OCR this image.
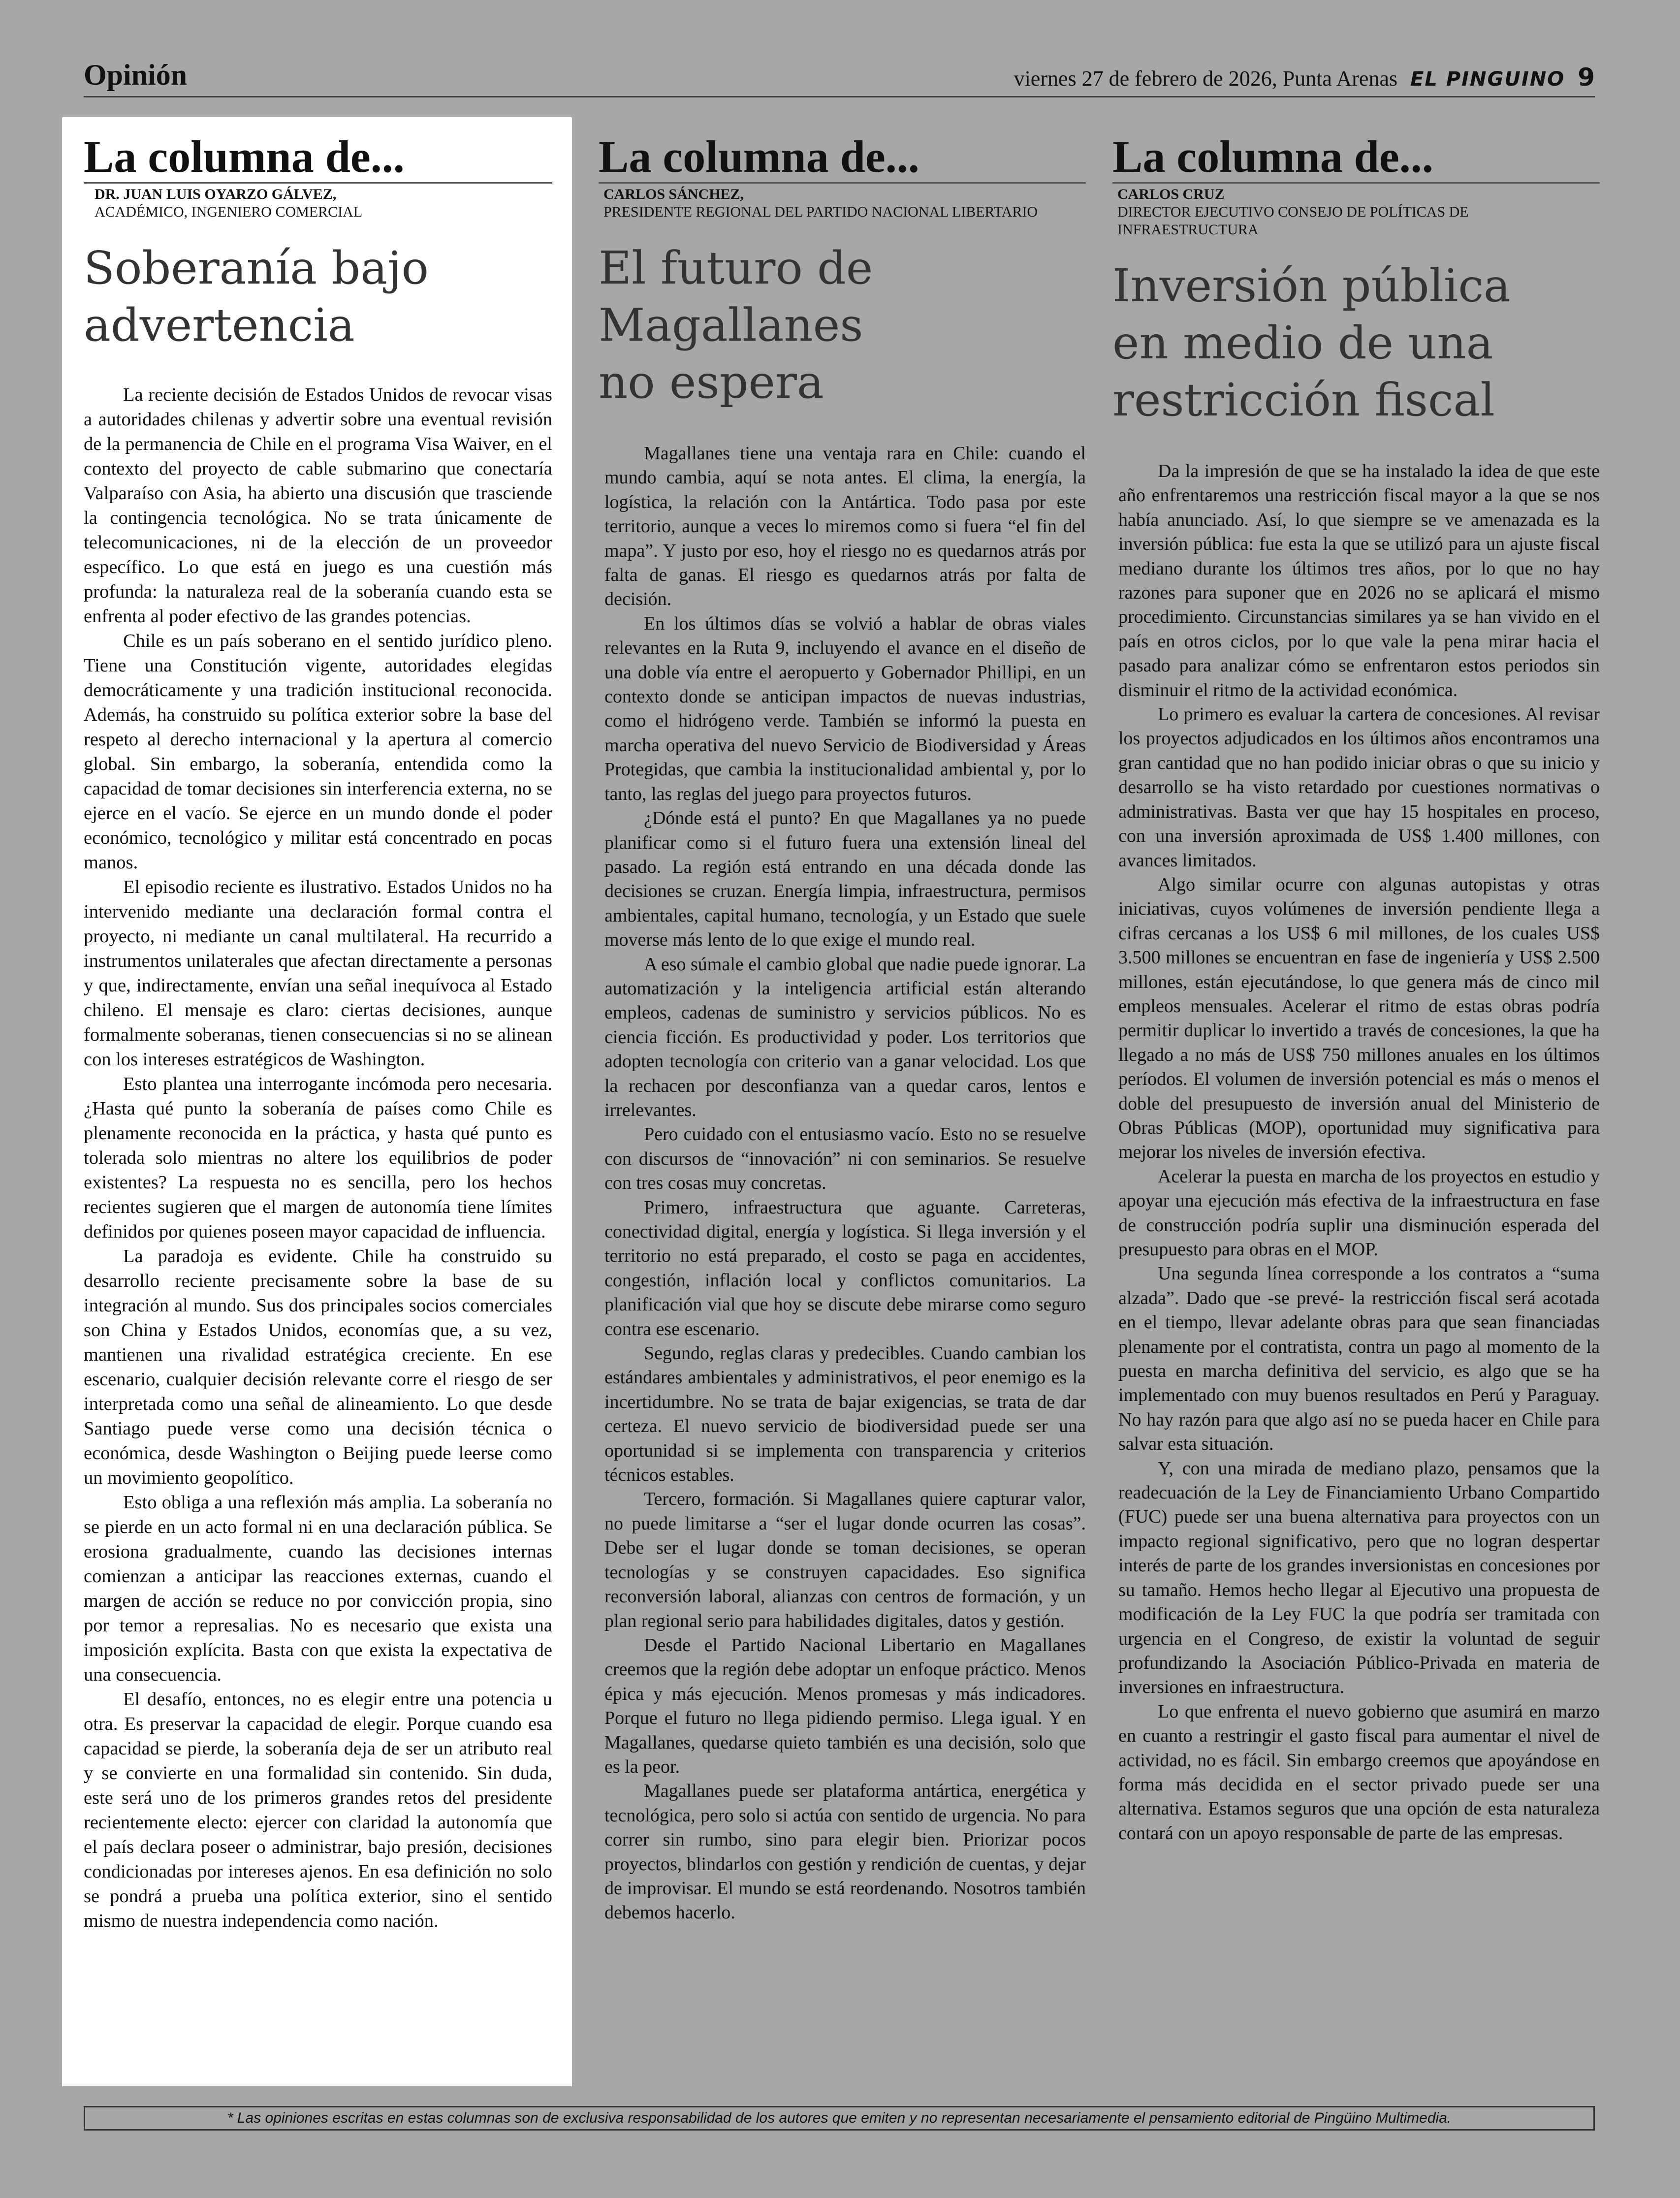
Opinión	viernes 27 de febrero de 2026, Punta Arenas EL PINGUINO 9
La columna de...
DR. JUAN LUIS OYARZO GÁLVEZ,
ACADÉMICO, INGENIERO COMERCIAL
Soberanía bajo
advertencia

La reciente decisión de Estados Unidos de revocar visas a autoridades chilenas y advertir sobre una eventual revisión de la permanencia de Chile en el programa Visa Waiver, en el contexto del proyecto de cable submarino que conectaría Valparaíso con Asia, ha abierto una discusión que trasciende la contingencia tecnológica. No se trata únicamente de telecomunicaciones, ni de la elección de un proveedor específico. Lo que está en juego es una cuestión más profunda: la naturaleza real de la soberanía cuando esta se enfrenta al poder efectivo de las grandes potencias.

Chile es un país soberano en el sentido jurídico pleno. Tiene una Constitución vigente, autoridades elegidas democráticamente y una tradición institucional reconocida. Además, ha construido su política exterior sobre la base del respeto al derecho internacional y la apertura al comercio global. Sin embargo, la soberanía, entendida como la capacidad de tomar decisiones sin interferencia externa, no se ejerce en el vacío. Se ejerce en un mundo donde el poder económico, tecnológico y militar está concentrado en pocas manos.

El episodio reciente es ilustrativo. Estados Unidos no ha intervenido mediante una declaración formal contra el proyecto, ni mediante un canal multilateral. Ha recurrido a instrumentos unilaterales que afectan directamente a personas y que, indirectamente, envían una señal inequívoca al Estado chileno. El mensaje es claro: ciertas decisiones, aunque formalmente soberanas, tienen consecuencias si no se alinean con los intereses estratégicos de Washington.

Esto plantea una interrogante incómoda pero necesaria. ¿Hasta qué punto la soberanía de países como Chile es plenamente reconocida en la práctica, y hasta qué punto es tolerada solo mientras no altere los equilibrios de poder existentes? La respuesta no es sencilla, pero los hechos recientes sugieren que el margen de autonomía tiene límites definidos por quienes poseen mayor capacidad de influencia.

La paradoja es evidente. Chile ha construido su desarrollo reciente precisamente sobre la base de su integración al mundo. Sus dos principales socios comerciales son China y Estados Unidos, economías que, a su vez, mantienen una rivalidad estratégica creciente. En ese escenario, cualquier decisión relevante corre el riesgo de ser interpretada como una señal de alineamiento. Lo que desde Santiago puede verse como una decisión técnica o económica, desde Washington o Beijing puede leerse como un movimiento geopolítico.

Esto obliga a una reflexión más amplia. La soberanía no se pierde en un acto formal ni en una declaración pública. Se erosiona gradualmente, cuando las decisiones internas comienzan a anticipar las reacciones externas, cuando el margen de acción se reduce no por convicción propia, sino por temor a represalias. No es necesario que exista una imposición explícita. Basta con que exista la expectativa de una consecuencia.

El desafío, entonces, no es elegir entre una potencia u otra. Es preservar la capacidad de elegir. Porque cuando esa capacidad se pierde, la soberanía deja de ser un atributo real y se convierte en una formalidad sin contenido. Sin duda, este será uno de los primeros grandes retos del presidente recientemente electo: ejercer con claridad la autonomía que el país declara poseer o administrar, bajo presión, decisiones condicionadas por intereses ajenos. En esa definición no solo se pondrá a prueba una política exterior, sino el sentido mismo de nuestra independencia como nación.

La columna de...
CARLOS SÁNCHEZ,
PRESIDENTE REGIONAL DEL PARTIDO NACIONAL LIBERTARIO
El futuro de
Magallanes
no espera

Magallanes tiene una ventaja rara en Chile: cuando el mundo cambia, aquí se nota antes. El clima, la energía, la logística, la relación con la Antártica. Todo pasa por este territorio, aunque a veces lo miremos como si fuera “el fin del mapa”. Y justo por eso, hoy el riesgo no es quedarnos atrás por falta de ganas. El riesgo es quedarnos atrás por falta de decisión.

En los últimos días se volvió a hablar de obras viales relevantes en la Ruta 9, incluyendo el avance en el diseño de una doble vía entre el aeropuerto y Gobernador Phillipi, en un contexto donde se anticipan impactos de nuevas industrias, como el hidrógeno verde. También se informó la puesta en marcha operativa del nuevo Servicio de Biodiversidad y Áreas Protegidas, que cambia la institucionalidad ambiental y, por lo tanto, las reglas del juego para proyectos futuros.

¿Dónde está el punto? En que Magallanes ya no puede planificar como si el futuro fuera una extensión lineal del pasado. La región está entrando en una década donde las decisiones se cruzan. Energía limpia, infraestructura, permisos ambientales, capital humano, tecnología, y un Estado que suele moverse más lento de lo que exige el mundo real.

A eso súmale el cambio global que nadie puede ignorar. La automatización y la inteligencia artificial están alterando empleos, cadenas de suministro y servicios públicos. No es ciencia ficción. Es productividad y poder. Los territorios que adopten tecnología con criterio van a ganar velocidad. Los que la rechacen por desconfianza van a quedar caros, lentos e irrelevantes.

Pero cuidado con el entusiasmo vacío. Esto no se resuelve con discursos de “innovación” ni con seminarios. Se resuelve con tres cosas muy concretas.

Primero, infraestructura que aguante. Carreteras, conectividad digital, energía y logística. Si llega inversión y el territorio no está preparado, el costo se paga en accidentes, congestión, inflación local y conflictos comunitarios. La planificación vial que hoy se discute debe mirarse como seguro contra ese escenario.

Segundo, reglas claras y predecibles. Cuando cambian los estándares ambientales y administrativos, el peor enemigo es la incertidumbre. No se trata de bajar exigencias, se trata de dar certeza. El nuevo servicio de biodiversidad puede ser una oportunidad si se implementa con transparencia y criterios técnicos estables.

Tercero, formación. Si Magallanes quiere capturar valor, no puede limitarse a “ser el lugar donde ocurren las cosas”. Debe ser el lugar donde se toman decisiones, se operan tecnologías y se construyen capacidades. Eso significa reconversión laboral, alianzas con centros de formación, y un plan regional serio para habilidades digitales, datos y gestión.

Desde el Partido Nacional Libertario en Magallanes creemos que la región debe adoptar un enfoque práctico. Menos épica y más ejecución. Menos promesas y más indicadores. Porque el futuro no llega pidiendo permiso. Llega igual. Y en Magallanes, quedarse quieto también es una decisión, solo que es la peor.

Magallanes puede ser plataforma antártica, energética y tecnológica, pero solo si actúa con sentido de urgencia. No para correr sin rumbo, sino para elegir bien. Priorizar pocos proyectos, blindarlos con gestión y rendición de cuentas, y dejar de improvisar. El mundo se está reordenando. Nosotros también debemos hacerlo.

La columna de...
CARLOS CRUZ
DIRECTOR EJECUTIVO CONSEJO DE POLÍTICAS DE INFRAESTRUCTURA
Inversión pública
en medio de una
restricción fiscal

Da la impresión de que se ha instalado la idea de que este año enfrentaremos una restricción fiscal mayor a la que se nos había anunciado. Así, lo que siempre se ve amenazada es la inversión pública: fue esta la que se utilizó para un ajuste fiscal mediano durante los últimos tres años, por lo que no hay razones para suponer que en 2026 no se aplicará el mismo procedimiento. Circunstancias similares ya se han vivido en el país en otros ciclos, por lo que vale la pena mirar hacia el pasado para analizar cómo se enfrentaron estos periodos sin disminuir el ritmo de la actividad económica.

Lo primero es evaluar la cartera de concesiones. Al revisar los proyectos adjudicados en los últimos años encontramos una gran cantidad que no han podido iniciar obras o que su inicio y desarrollo se ha visto retardado por cuestiones normativas o administrativas. Basta ver que hay 15 hospitales en proceso, con una inversión aproximada de US$ 1.400 millones, con avances limitados.

Algo similar ocurre con algunas autopistas y otras iniciativas, cuyos volúmenes de inversión pendiente llega a cifras cercanas a los US$ 6 mil millones, de los cuales US$ 3.500 millones se encuentran en fase de ingeniería y US$ 2.500 millones, están ejecutándose, lo que genera más de cinco mil empleos mensuales. Acelerar el ritmo de estas obras podría permitir duplicar lo invertido a través de concesiones, la que ha llegado a no más de US$ 750 millones anuales en los últimos períodos. El volumen de inversión potencial es más o menos el doble del presupuesto de inversión anual del Ministerio de Obras Públicas (MOP), oportunidad muy significativa para mejorar los niveles de inversión efectiva.

Acelerar la puesta en marcha de los proyectos en estudio y apoyar una ejecución más efectiva de la infraestructura en fase de construcción podría suplir una disminución esperada del presupuesto para obras en el MOP.

Una segunda línea corresponde a los contratos a “suma alzada”. Dado que -se prevé- la restricción fiscal será acotada en el tiempo, llevar adelante obras para que sean financiadas plenamente por el contratista, contra un pago al momento de la puesta en marcha definitiva del servicio, es algo que se ha implementado con muy buenos resultados en Perú y Paraguay. No hay razón para que algo así no se pueda hacer en Chile para salvar esta situación.

Y, con una mirada de mediano plazo, pensamos que la readecuación de la Ley de Financiamiento Urbano Compartido (FUC) puede ser una buena alternativa para proyectos con un impacto regional significativo, pero que no logran despertar interés de parte de los grandes inversionistas en concesiones por su tamaño. Hemos hecho llegar al Ejecutivo una propuesta de modificación de la Ley FUC la que podría ser tramitada con urgencia en el Congreso, de existir la voluntad de seguir profundizando la Asociación Público-Privada en materia de inversiones en infraestructura.

Lo que enfrenta el nuevo gobierno que asumirá en marzo en cuanto a restringir el gasto fiscal para aumentar el nivel de actividad, no es fácil. Sin embargo creemos que apoyándose en forma más decidida en el sector privado puede ser una alternativa. Estamos seguros que una opción de esta naturaleza contará con un apoyo responsable de parte de las empresas.

* Las opiniones escritas en estas columnas son de exclusiva responsabilidad de los autores que emiten y no representan necesariamente el pensamiento editorial de Pingüino Multimedia.
